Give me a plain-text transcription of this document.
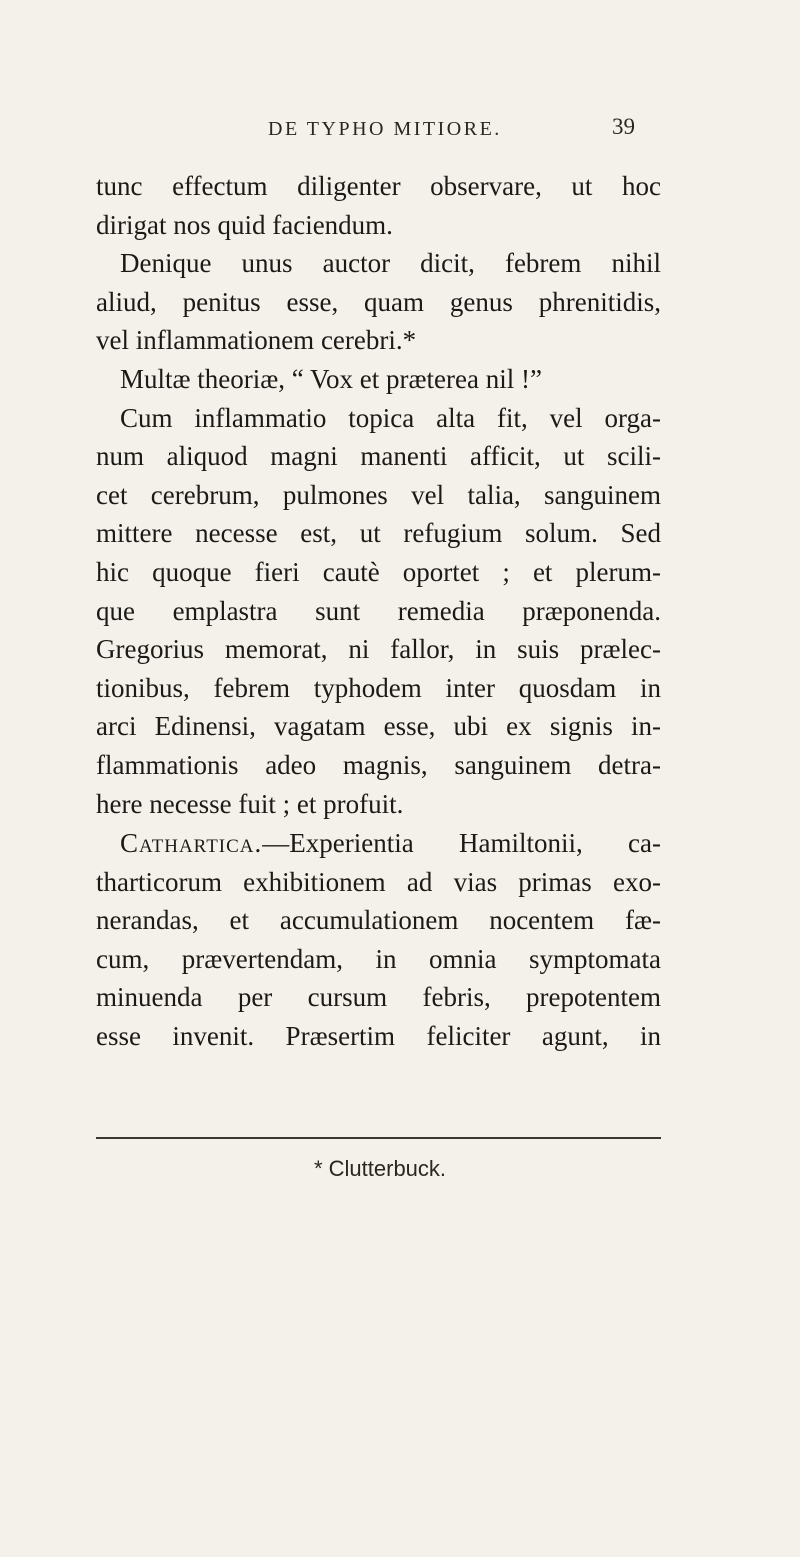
DE TYPHO MITIORE.	39
tunc effectum diligenter observare, ut hoc
dirigat nos quid faciendum.
Denique unus auctor dicit, febrem nihil
aliud, penitus esse, quam genus phrenitidis,
vel inflammationem cerebri.*
Multæ theoriæ, “ Vox et præterea nil !”
Cum inflammatio topica alta fit, vel orga-
num aliquod magni manenti afficit, ut scili-
cet cerebrum, pulmones vel talia, sanguinem
mittere necesse est, ut refugium solum. Sed
hic quoque fieri cautè oportet ; et plerum-
que emplastra sunt remedia præponenda.
Gregorius memorat, ni fallor, in suis prælec-
tionibus, febrem typhodem inter quosdam in
arci Edinensi, vagatam esse, ubi ex signis in-
flammationis adeo magnis, sanguinem detra-
here necesse fuit ; et profuit.
Cathartica.—Experientia Hamiltonii, ca-
tharticorum exhibitionem ad vias primas exo-
nerandas, et accumulationem nocentem fæ-
cum, prævertendam, in omnia symptomata
minuenda per cursum febris, prepotentem
esse invenit. Præsertim feliciter agunt, in
* Clutterbuck.
